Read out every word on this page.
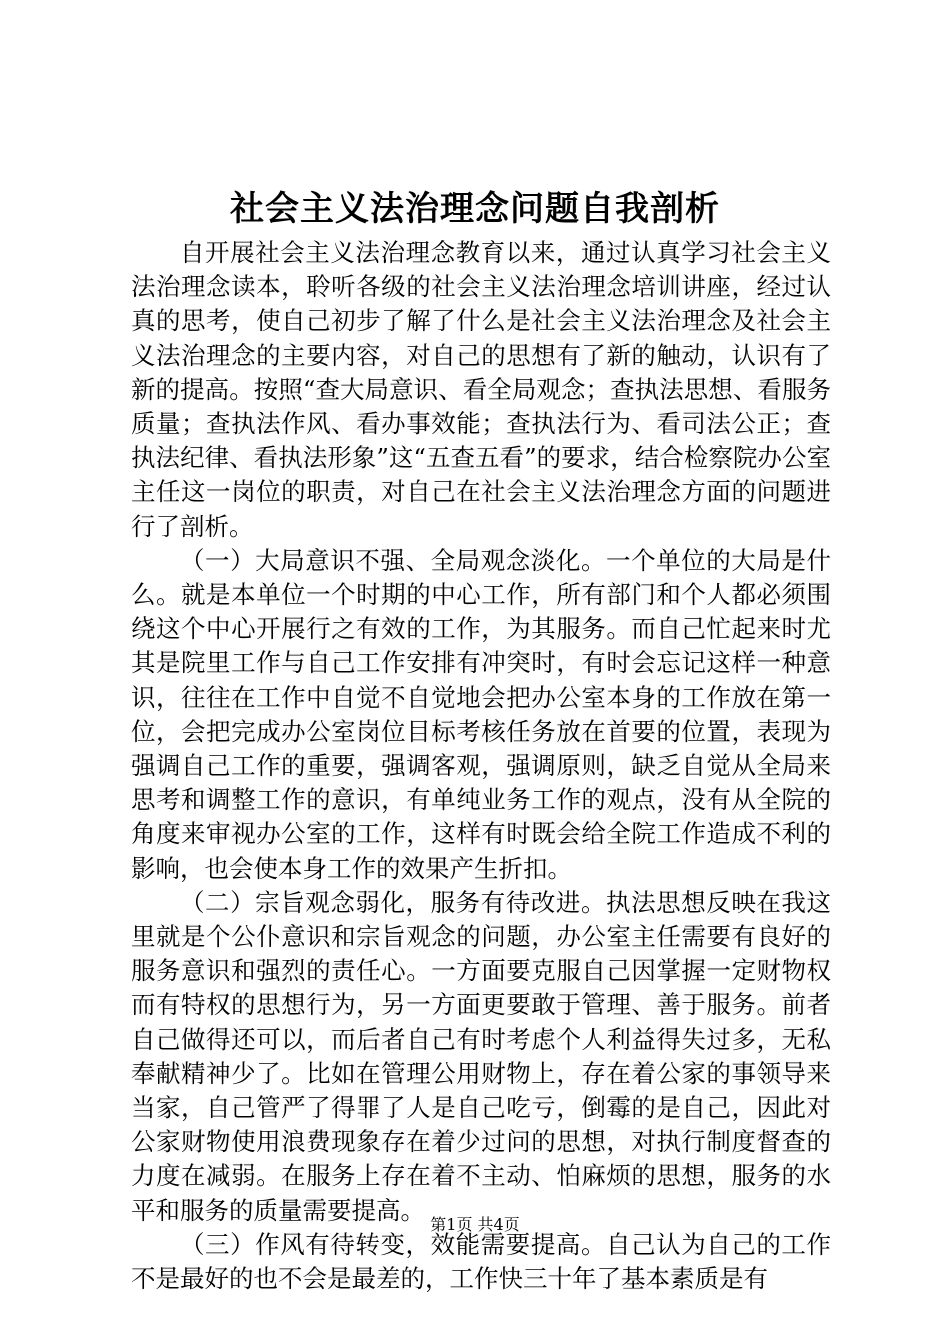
社会主义法治理念问题自我剖析

自开展社会主义法治理念教育以来，通过认真学习社会主义法治理念读本，聆听各级的社会主义法治理念培训讲座，经过认真的思考，使自己初步了解了什么是社会主义法治理念及社会主义法治理念的主要内容，对自己的思想有了新的触动，认识有了新的提高。按照“查大局意识、看全局观念；查执法思想、看服务质量；查执法作风、看办事效能；查执法行为、看司法公正；查执法纪律、看执法形象”这“五查五看”的要求，结合检察院办公室主任这一岗位的职责，对自己在社会主义法治理念方面的问题进行了剖析。

（一）大局意识不强、全局观念淡化。一个单位的大局是什么。就是本单位一个时期的中心工作，所有部门和个人都必须围绕这个中心开展行之有效的工作，为其服务。而自己忙起来时尤其是院里工作与自己工作安排有冲突时，有时会忘记这样一种意识，往往在工作中自觉不自觉地会把办公室本身的工作放在第一位，会把完成办公室岗位目标考核任务放在首要的位置，表现为强调自己工作的重要，强调客观，强调原则，缺乏自觉从全局来思考和调整工作的意识，有单纯业务工作的观点，没有从全院的角度来审视办公室的工作，这样有时既会给全院工作造成不利的影响，也会使本身工作的效果产生折扣。

（二）宗旨观念弱化，服务有待改进。执法思想反映在我这里就是个公仆意识和宗旨观念的问题，办公室主任需要有良好的服务意识和强烈的责任心。一方面要克服自己因掌握一定财物权而有特权的思想行为，另一方面更要敢于管理、善于服务。前者自己做得还可以，而后者自己有时考虑个人利益得失过多，无私奉献精神少了。比如在管理公用财物上，存在着公家的事领导来当家，自己管严了得罪了人是自己吃亏，倒霉的是自己，因此对公家财物使用浪费现象存在着少过问的思想，对执行制度督查的力度在减弱。在服务上存在着不主动、怕麻烦的思想，服务的水平和服务的质量需要提高。

（三）作风有待转变，效能需要提高。自己认为自己的工作不是最好的也不会是最差的，工作快三十年了基本素质是有

第1页 共4页
